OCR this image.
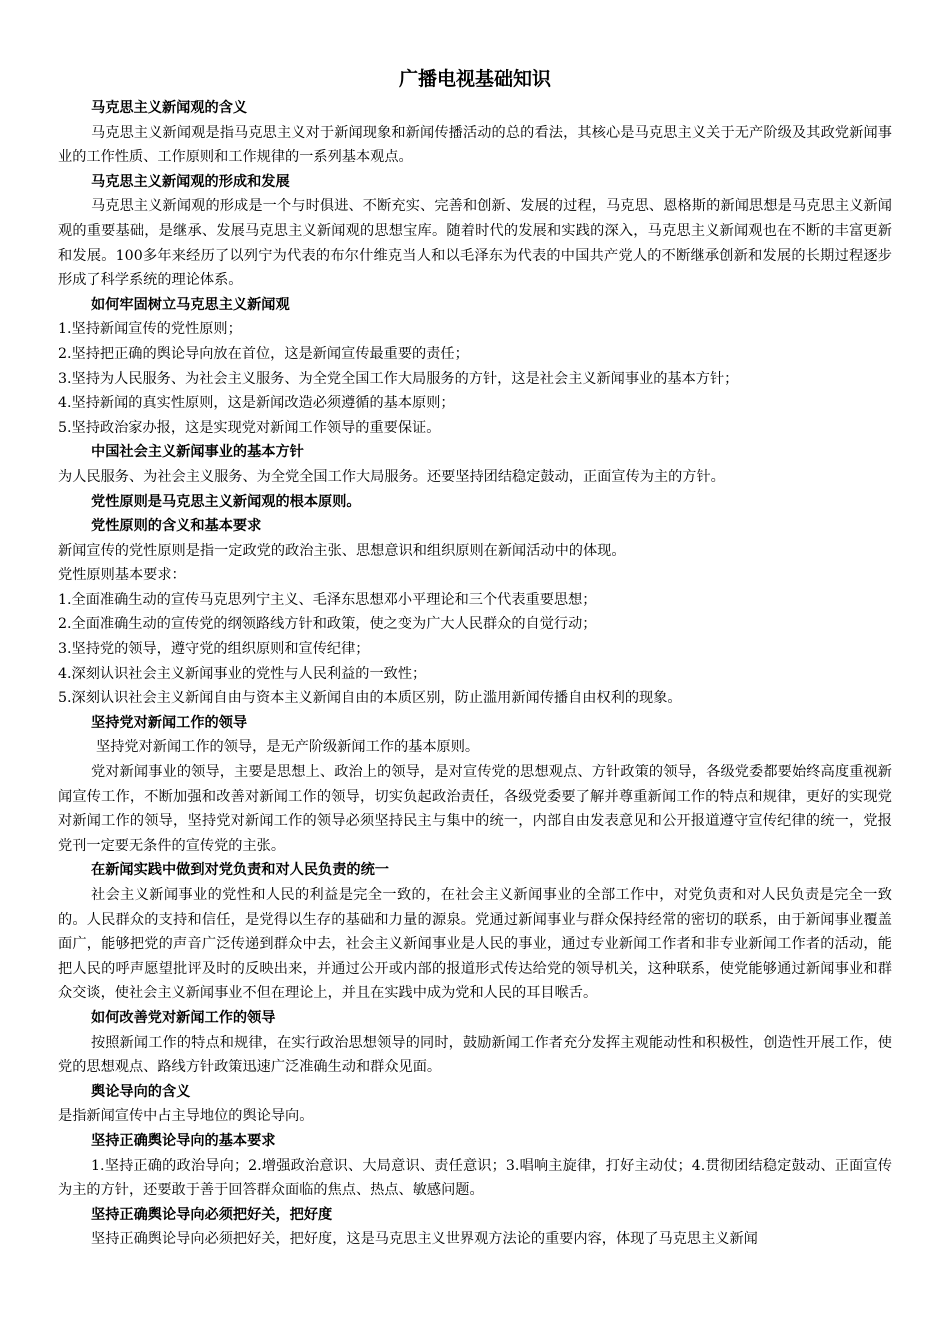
广播电视基础知识
马克思主义新闻观的含义

马克思主义新闻观是指马克思主义对于新闻现象和新闻传播活动的总的看法，其核心是马克思主义关于无产阶级及其政党新闻事业的工作性质、工作原则和工作规律的一系列基本观点。

马克思主义新闻观的形成和发展

马克思主义新闻观的形成是一个与时俱进、不断充实、完善和创新、发展的过程，马克思、恩格斯的新闻思想是马克思主义新闻观的重要基础，是继承、发展马克思主义新闻观的思想宝库。随着时代的发展和实践的深入，马克思主义新闻观也在不断的丰富更新和发展。100多年来经历了以列宁为代表的布尔什维克当人和以毛泽东为代表的中国共产党人的不断继承创新和发展的长期过程逐步形成了科学系统的理论体系。

如何牢固树立马克思主义新闻观

1.坚持新闻宣传的党性原则；

2.坚持把正确的舆论导向放在首位，这是新闻宣传最重要的责任；

3.坚持为人民服务、为社会主义服务、为全党全国工作大局服务的方针，这是社会主义新闻事业的基本方针；

4.坚持新闻的真实性原则，这是新闻改造必须遵循的基本原则；

5.坚持政治家办报，这是实现党对新闻工作领导的重要保证。

中国社会主义新闻事业的基本方针

为人民服务、为社会主义服务、为全党全国工作大局服务。还要坚持团结稳定鼓动，正面宣传为主的方针。

党性原则是马克思主义新闻观的根本原则。
党性原则的含义和基本要求

新闻宣传的党性原则是指一定政党的政治主张、思想意识和组织原则在新闻活动中的体现。

党性原则基本要求：

1.全面准确生动的宣传马克思列宁主义、毛泽东思想邓小平理论和三个代表重要思想；

2.全面准确生动的宣传党的纲领路线方针和政策，使之变为广大人民群众的自觉行动；

3.坚持党的领导，遵守党的组织原则和宣传纪律；

4.深刻认识社会主义新闻事业的党性与人民利益的一致性；

5.深刻认识社会主义新闻自由与资本主义新闻自由的本质区别，防止滥用新闻传播自由权利的现象。

坚持党对新闻工作的领导

坚持党对新闻工作的领导，是无产阶级新闻工作的基本原则。

党对新闻事业的领导，主要是思想上、政治上的领导，是对宣传党的思想观点、方针政策的领导，各级党委都要始终高度重视新闻宣传工作，不断加强和改善对新闻工作的领导，切实负起政治责任，各级党委要了解并尊重新闻工作的特点和规律，更好的实现党对新闻工作的领导，坚持党对新闻工作的领导必须坚持民主与集中的统一，内部自由发表意见和公开报道遵守宣传纪律的统一，党报党刊一定要无条件的宣传党的主张。

在新闻实践中做到对党负责和对人民负责的统一

社会主义新闻事业的党性和人民的利益是完全一致的，在社会主义新闻事业的全部工作中，对党负责和对人民负责是完全一致的。人民群众的支持和信任，是党得以生存的基础和力量的源泉。党通过新闻事业与群众保持经常的密切的联系，由于新闻事业覆盖面广，能够把党的声音广泛传递到群众中去，社会主义新闻事业是人民的事业，通过专业新闻工作者和非专业新闻工作者的活动，能把人民的呼声愿望批评及时的反映出来，并通过公开或内部的报道形式传达给党的领导机关，这种联系，使党能够通过新闻事业和群众交谈，使社会主义新闻事业不但在理论上，并且在实践中成为党和人民的耳目喉舌。

如何改善党对新闻工作的领导

按照新闻工作的特点和规律，在实行政治思想领导的同时，鼓励新闻工作者充分发挥主观能动性和积极性，创造性开展工作，使党的思想观点、路线方针政策迅速广泛准确生动和群众见面。

舆论导向的含义

是指新闻宣传中占主导地位的舆论导向。

坚持正确舆论导向的基本要求

1.坚持正确的政治导向；2.增强政治意识、大局意识、责任意识；3.唱响主旋律，打好主动仗；4.贯彻团结稳定鼓动、正面宣传为主的方针，还要敢于善于回答群众面临的焦点、热点、敏感问题。

坚持正确舆论导向必须把好关，把好度

坚持正确舆论导向必须把好关，把好度，这是马克思主义世界观方法论的重要内容，体现了马克思主义新闻
